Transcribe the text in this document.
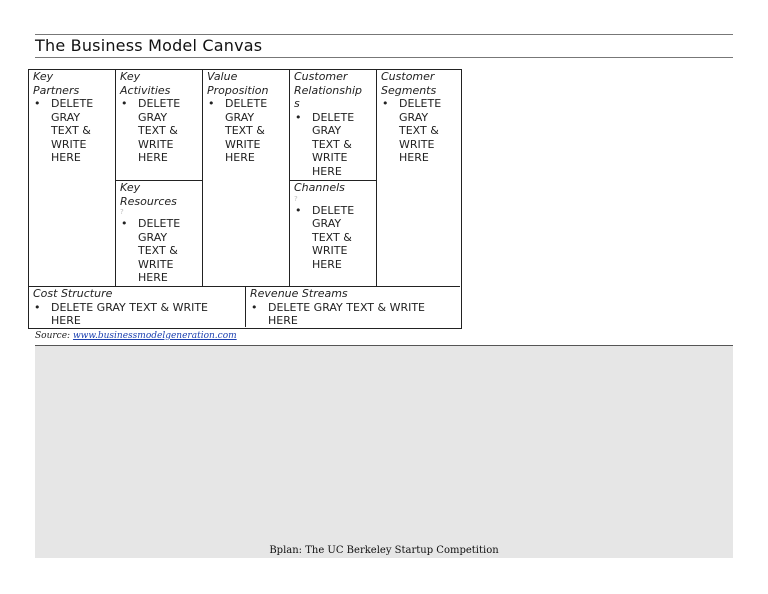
The Business Model Canvas
Key
Partners
• DELETE
GRAY
TEXT &
WRITE
HERE
Key
Activities
• DELETE
GRAY
TEXT &
WRITE
HERE
Key
Resources
?
• DELETE
GRAY
TEXT &
WRITE
HERE
Value
Proposition
• DELETE
GRAY
TEXT &
WRITE
HERE
Customer
Relationship
s
• DELETE
GRAY
TEXT &
WRITE
HERE
Channels
?
• DELETE
GRAY
TEXT &
WRITE
HERE
Customer
Segments
• DELETE
GRAY
TEXT &
WRITE
HERE
Cost Structure
• DELETE GRAY TEXT & WRITE
HERE
Revenue Streams
• DELETE GRAY TEXT & WRITE
HERE
Source: www.businessmodelgeneration.com
Bplan: The UC Berkeley Startup Competition
